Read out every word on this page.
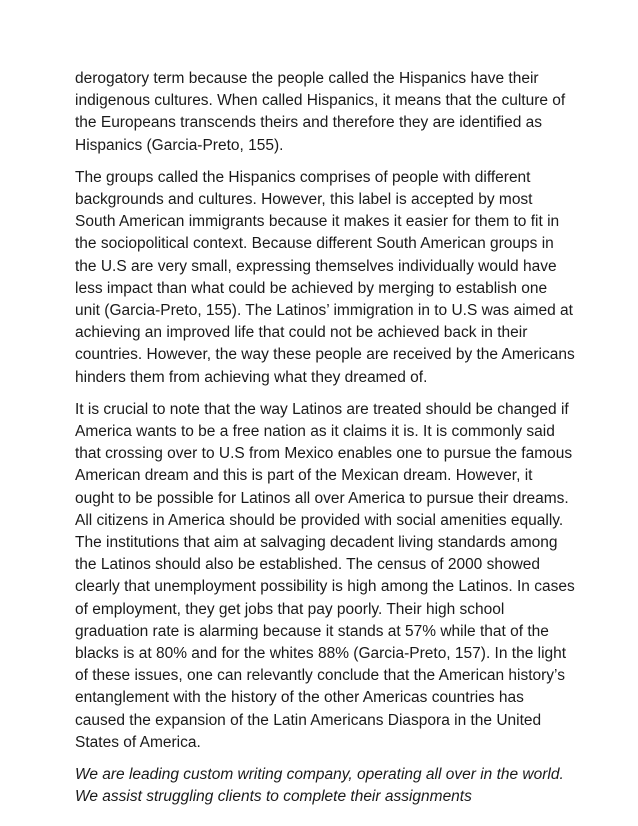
derogatory term because the people called the Hispanics have their indigenous cultures. When called Hispanics, it means that the culture of the Europeans transcends theirs and therefore they are identified as Hispanics (Garcia-Preto, 155).

The groups called the Hispanics comprises of people with different backgrounds and cultures. However, this label is accepted by most South American immigrants because it makes it easier for them to fit in the sociopolitical context. Because different South American groups in the U.S are very small, expressing themselves individually would have less impact than what could be achieved by merging to establish one unit (Garcia-Preto, 155). The Latinos’ immigration in to U.S was aimed at achieving an improved life that could not be achieved back in their countries. However, the way these people are received by the Americans hinders them from achieving what they dreamed of.

It is crucial to note that the way Latinos are treated should be changed if America wants to be a free nation as it claims it is. It is commonly said that crossing over to U.S from Mexico enables one to pursue the famous American dream and this is part of the Mexican dream. However, it ought to be possible for Latinos all over America to pursue their dreams. All citizens in America should be provided with social amenities equally. The institutions that aim at salvaging decadent living standards among the Latinos should also be established. The census of 2000 showed clearly that unemployment possibility is high among the Latinos. In cases of employment, they get jobs that pay poorly. Their high school graduation rate is alarming because it stands at 57% while that of the blacks is at 80% and for the whites 88% (Garcia-Preto, 157). In the light of these issues, one can relevantly conclude that the American history’s entanglement with the history of the other Americas countries has caused the expansion of the Latin Americans Diaspora in the United States of America.

We are leading custom writing company, operating all over in the world. We assist struggling clients to complete their assignments
